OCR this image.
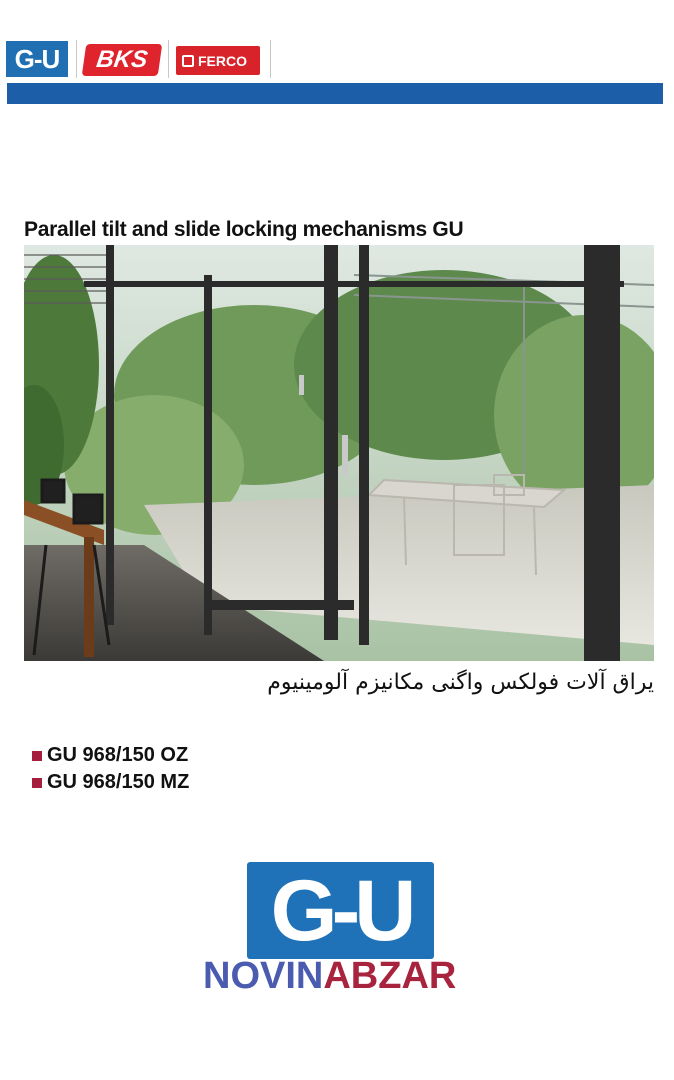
G-U BKS	FERCO
Parallel tilt and slide locking mechanisms GU
یراق آلات فولکس واگنی مکانیزم آلومینیوم
GU 968/150 OZ
GU 968/150 MZ
G-U
NOVINABZAR
